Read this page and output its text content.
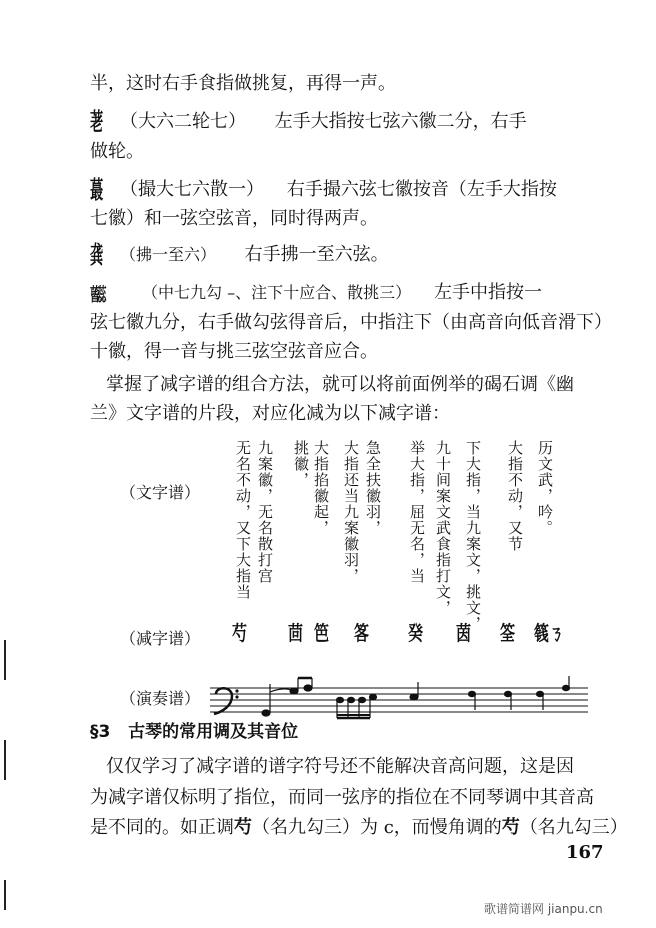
半，这时右手食指做挑复，再得一声。
荖 （大六二轮七） 左手大指按七弦六徽二分，右手
做轮。
蕞 （撮大七六散一） 右手撮六弦七徽按音（左手大指按
七徽）和一弦空弦音，同时得两声。
龚 （拂一至六） 右手拂一至六弦。
蒈蕊 （中七九勾 –、注下十应合、散挑三） 左手中指按一
弦七徽九分，右手做勾弦得音后，中指注下（由高音向低音滑下）
十徽，得一音与挑三弦空弦音应合。
掌握了减字谱的组合方法，就可以将前面例举的碣石调《幽
兰》文字谱的片段，对应化减为以下减字谱：
（文字谱）	历文武，吟。
大指不动，又节
下大指，当九案文，挑文，
九十间案文武食指打文，
举大指，屈无名，当
急全扶徽羽，
大指还当九案徽羽，
大指掐徽起，
挑徽，
九案徽，无名散打宫
无名不动，又下大指当
（减字谱） 芍 茴 笆 笿 癸 茵 筌 篯ㄋ
（演奏谱）
§3 古琴的常用调及其音位
仅仅学习了减字谱的谱字符号还不能解决音高问题，这是因
为减字谱仅标明了指位，而同一弦序的指位在不同琴调中其音高
是不同的。如正调芍（名九勾三）为 c，而慢角调的芍（名九勾三）
167
歌谱简谱网 jianpu.cn
